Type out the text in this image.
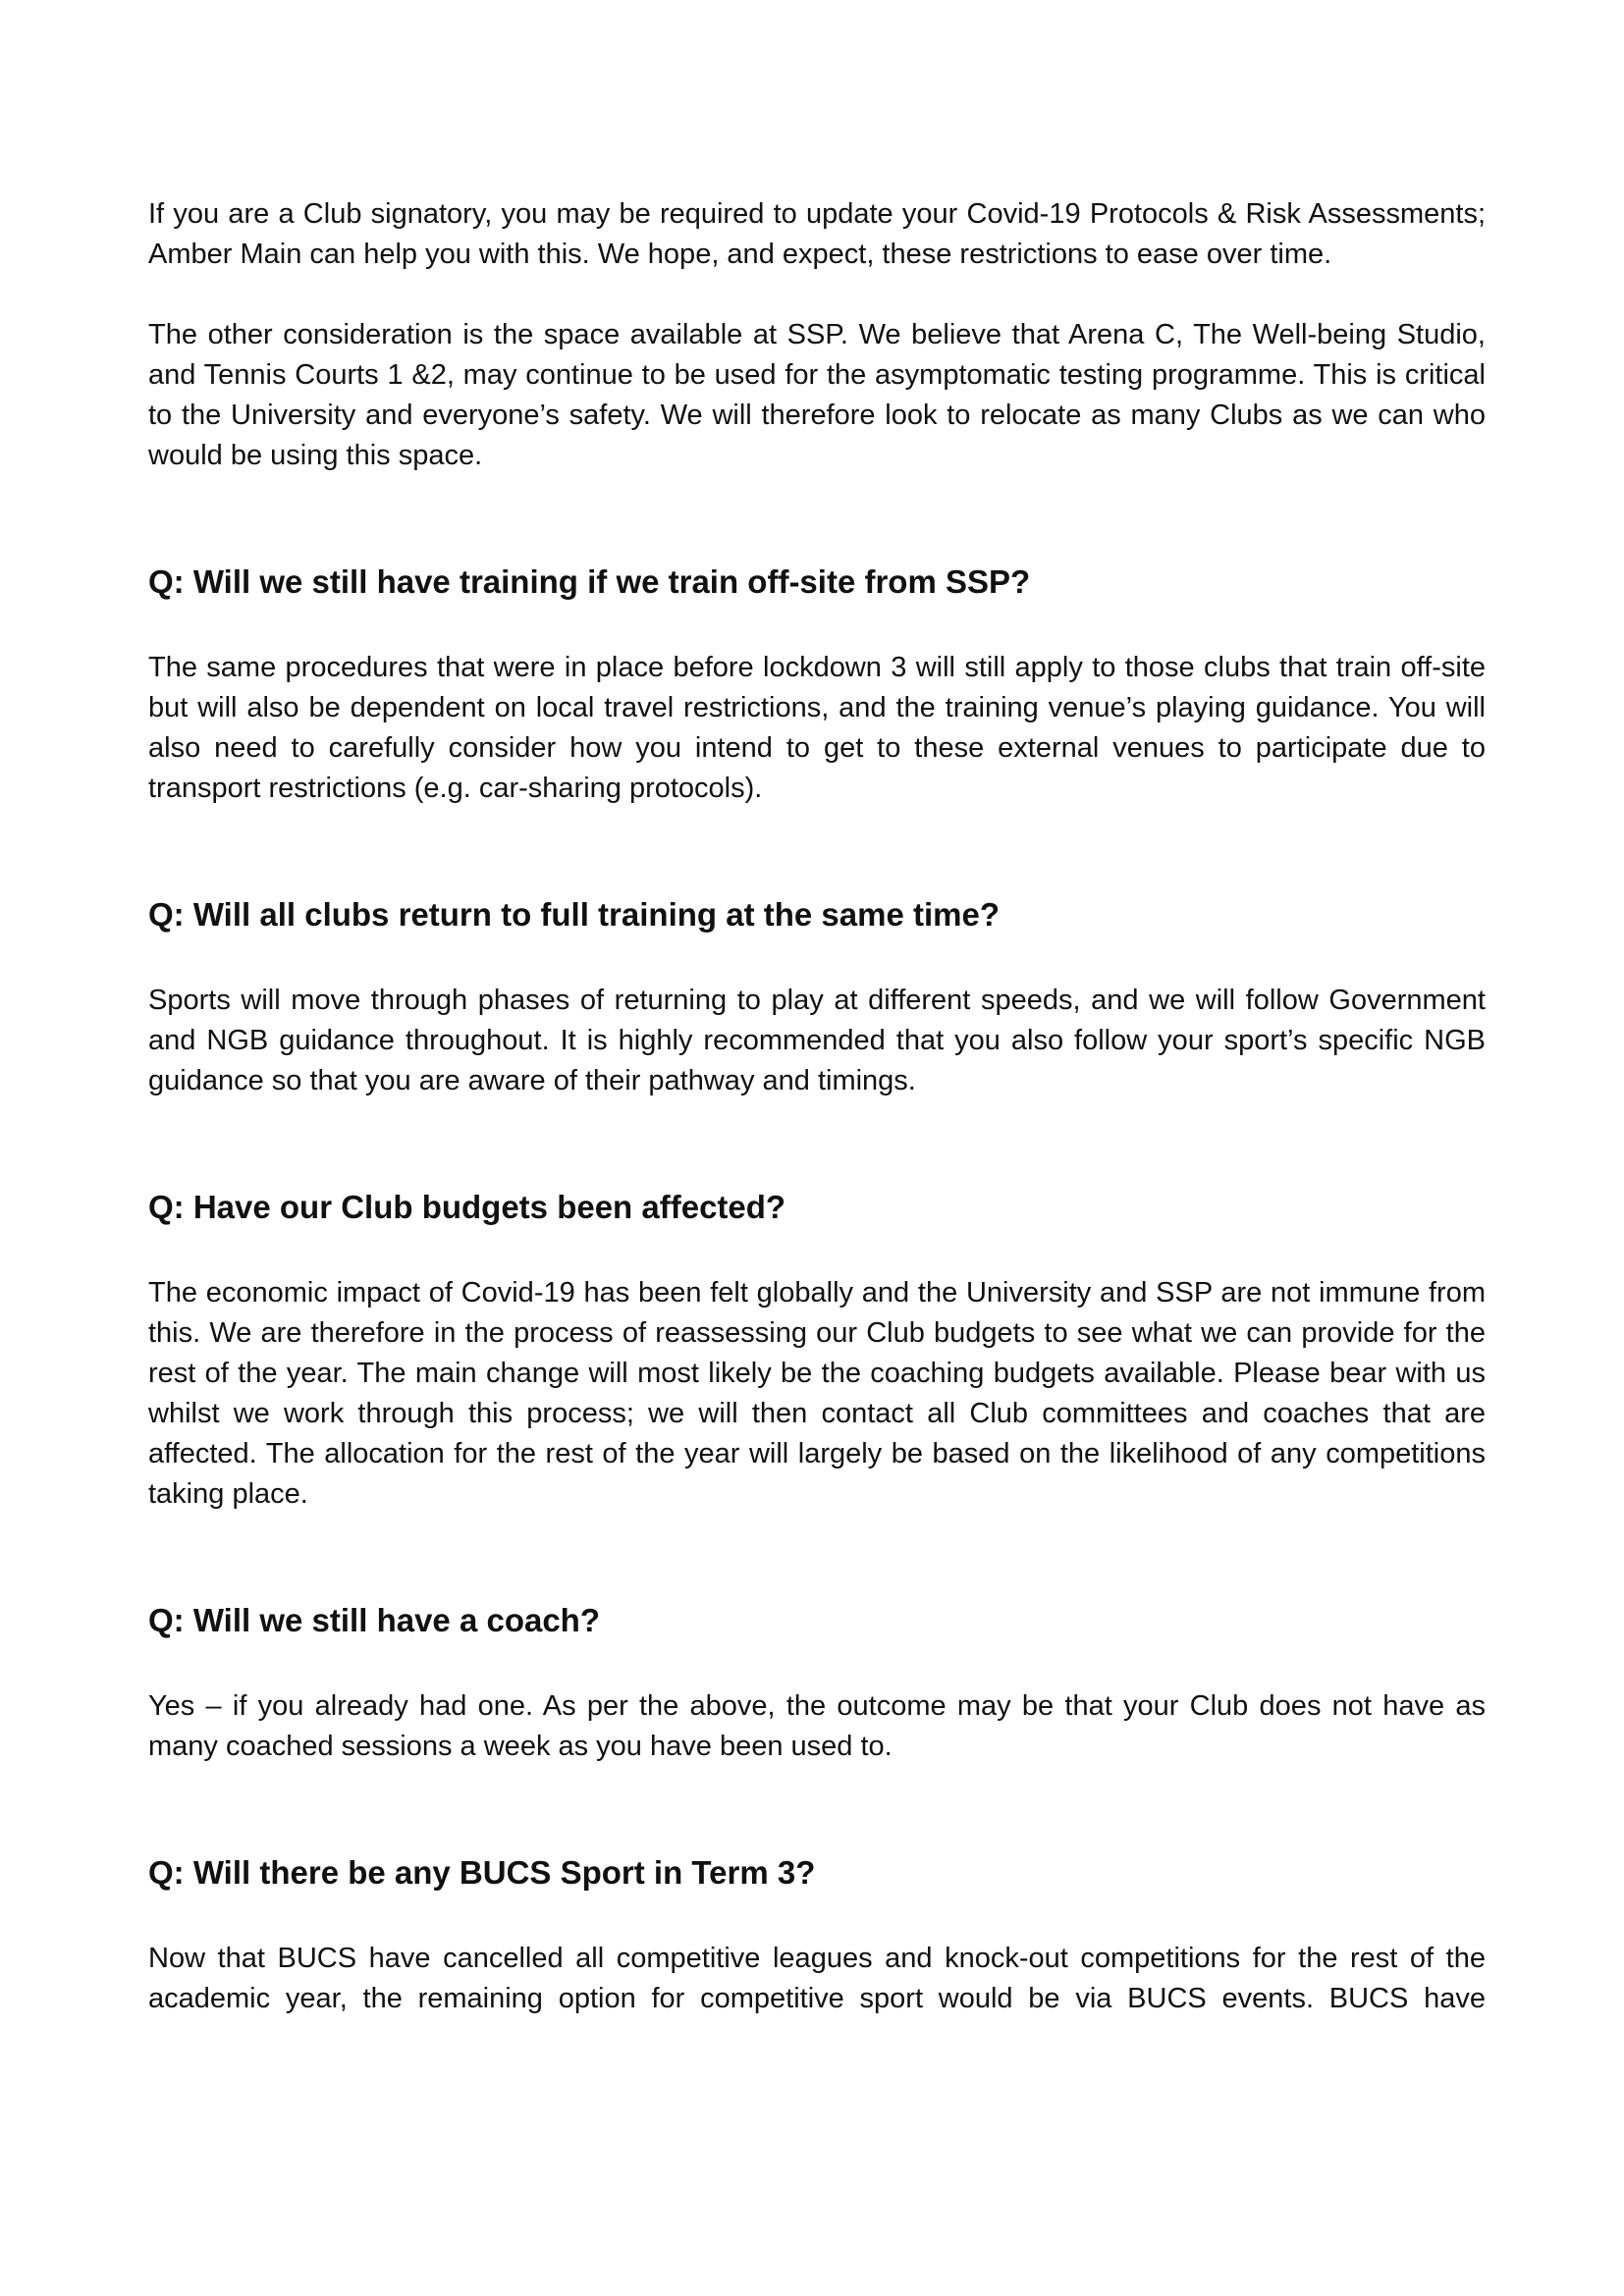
If you are a Club signatory, you may be required to update your Covid-19 Protocols & Risk Assessments; Amber Main can help you with this. We hope, and expect, these restrictions to ease over time.

The other consideration is the space available at SSP. We believe that Arena C, The Well-being Studio, and Tennis Courts 1 &2, may continue to be used for the asymptomatic testing programme. This is critical to the University and everyone’s safety. We will therefore look to relocate as many Clubs as we can who would be using this space.

Q: Will we still have training if we train off-site from SSP?

The same procedures that were in place before lockdown 3 will still apply to those clubs that train off-site but will also be dependent on local travel restrictions, and the training venue’s playing guidance. You will also need to carefully consider how you intend to get to these external venues to participate due to transport restrictions (e.g. car-sharing protocols).

Q: Will all clubs return to full training at the same time?

Sports will move through phases of returning to play at different speeds, and we will follow Government and NGB guidance throughout. It is highly recommended that you also follow your sport’s specific NGB guidance so that you are aware of their pathway and timings.

Q: Have our Club budgets been affected?

The economic impact of Covid-19 has been felt globally and the University and SSP are not immune from this. We are therefore in the process of reassessing our Club budgets to see what we can provide for the rest of the year. The main change will most likely be the coaching budgets available. Please bear with us whilst we work through this process; we will then contact all Club committees and coaches that are affected. The allocation for the rest of the year will largely be based on the likelihood of any competitions taking place.

Q: Will we still have a coach?

Yes – if you already had one. As per the above, the outcome may be that your Club does not have as many coached sessions a week as you have been used to.

Q: Will there be any BUCS Sport in Term 3?

Now that BUCS have cancelled all competitive leagues and knock-out competitions for the rest of the academic year, the remaining option for competitive sport would be via BUCS events. BUCS have
